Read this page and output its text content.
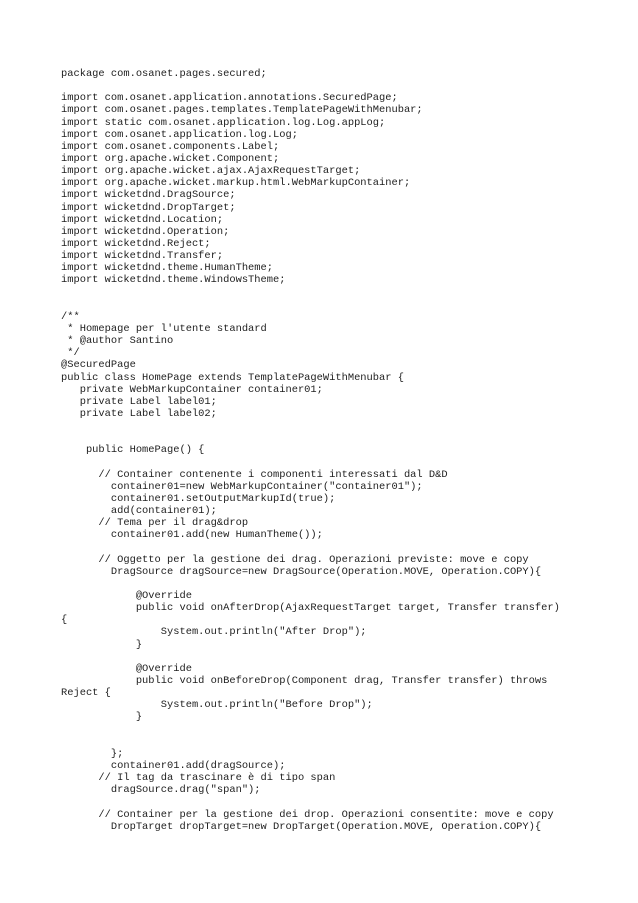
package com.osanet.pages.secured;
import com.osanet.application.annotations.SecuredPage;
import com.osanet.pages.templates.TemplatePageWithMenubar;
import static com.osanet.application.log.Log.appLog;
import com.osanet.application.log.Log;
import com.osanet.components.Label;
import org.apache.wicket.Component;
import org.apache.wicket.ajax.AjaxRequestTarget;
import org.apache.wicket.markup.html.WebMarkupContainer;
import wicketdnd.DragSource;
import wicketdnd.DropTarget;
import wicketdnd.Location;
import wicketdnd.Operation;
import wicketdnd.Reject;
import wicketdnd.Transfer;
import wicketdnd.theme.HumanTheme;
import wicketdnd.theme.WindowsTheme;
/**
* Homepage per l'utente standard
* @author Santino
*/
@SecuredPage
public class HomePage extends TemplatePageWithMenubar {
private WebMarkupContainer container01;
private Label label01;
private Label label02;
public HomePage() {
// Container contenente i componenti interessati dal D&D
container01=new WebMarkupContainer("container01");
container01.setOutputMarkupId(true);
add(container01);
// Tema per il drag&drop
container01.add(new HumanTheme());
// Oggetto per la gestione dei drag. Operazioni previste: move e copy
DragSource dragSource=new DragSource(Operation.MOVE, Operation.COPY){
@Override
public void onAfterDrop(AjaxRequestTarget target, Transfer transfer)
{
System.out.println("After Drop");
}
@Override
public void onBeforeDrop(Component drag, Transfer transfer) throws
Reject {
System.out.println("Before Drop");
}
};
container01.add(dragSource);
// Il tag da trascinare è di tipo span
dragSource.drag("span");
// Container per la gestione dei drop. Operazioni consentite: move e copy
DropTarget dropTarget=new DropTarget(Operation.MOVE, Operation.COPY){
